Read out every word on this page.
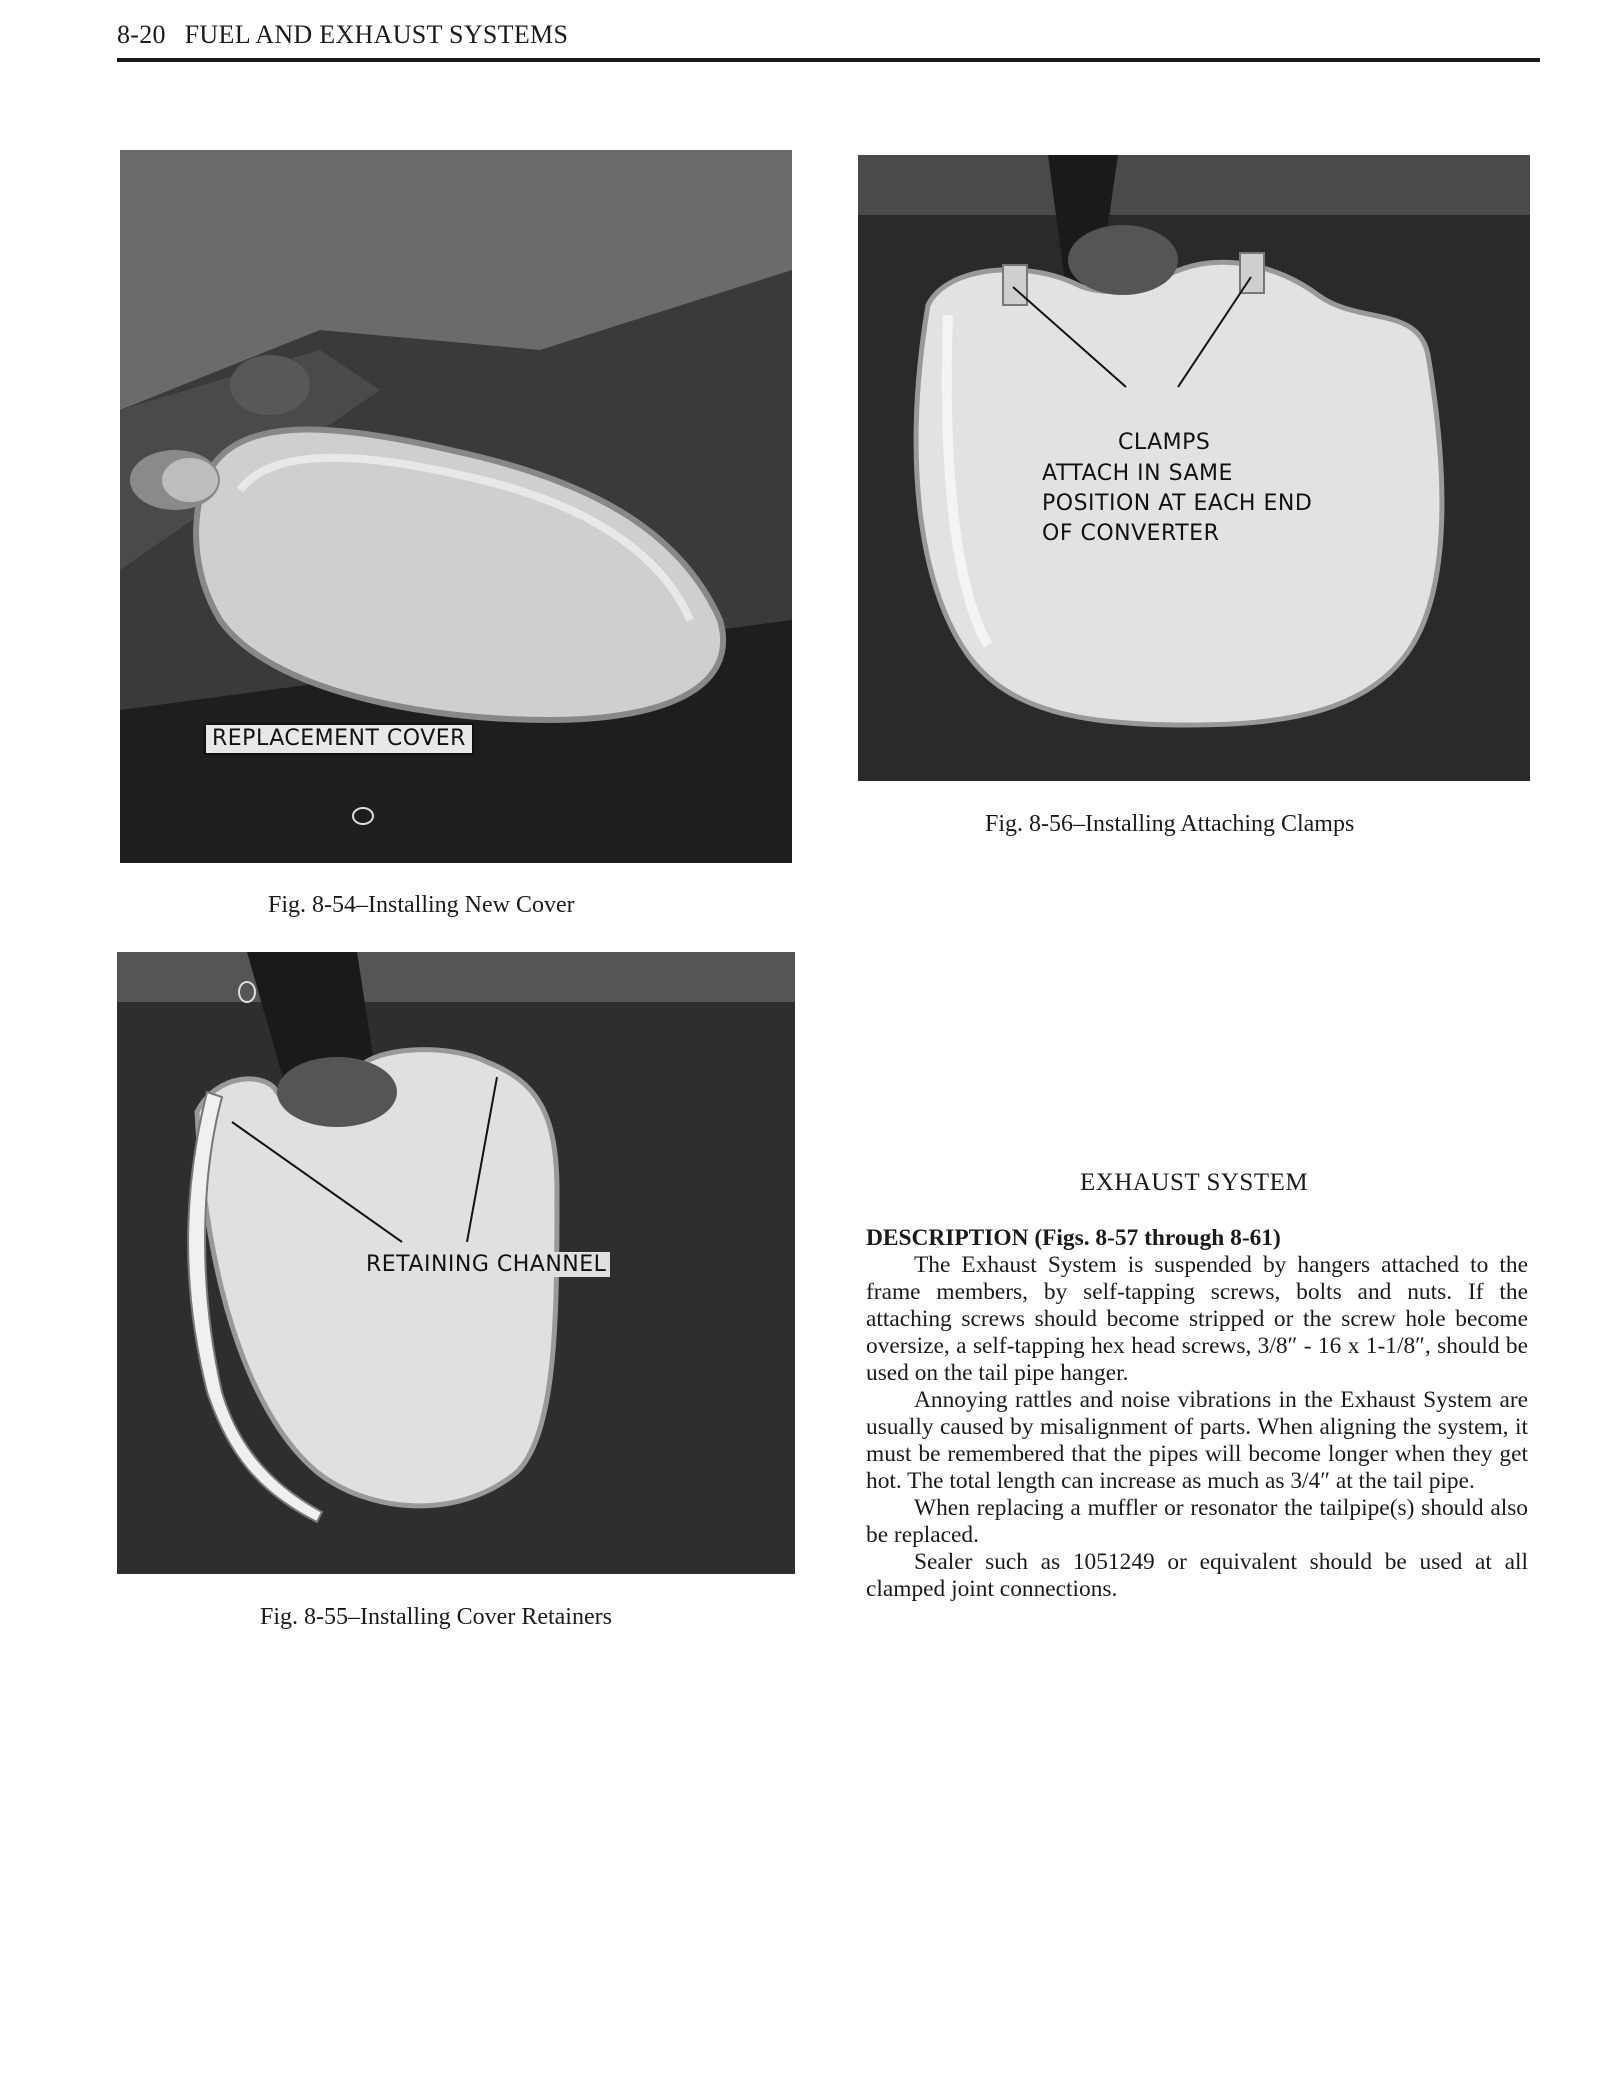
8-20 FUEL AND EXHAUST SYSTEMS
REPLACEMENT COVER
Fig. 8-54–Installing New Cover
CLAMPS
ATTACH IN SAME
POSITION AT EACH END
OF CONVERTER
Fig. 8-56–Installing Attaching Clamps
RETAINING CHANNEL
Fig. 8-55–Installing Cover Retainers
EXHAUST SYSTEM
DESCRIPTION (Figs. 8-57 through 8-61)

The Exhaust System is suspended by hangers attached to the frame members, by self-tapping screws, bolts and nuts. If the attaching screws should become stripped or the screw hole become oversize, a self-tapping hex head screws, 3/8″ - 16 x 1-1/8″, should be used on the tail pipe hanger.

Annoying rattles and noise vibrations in the Exhaust System are usually caused by misalignment of parts. When aligning the system, it must be remembered that the pipes will become longer when they get hot. The total length can increase as much as 3/4″ at the tail pipe.

When replacing a muffler or resonator the tailpipe(s) should also be replaced.

Sealer such as 1051249 or equivalent should be used at all clamped joint connections.
